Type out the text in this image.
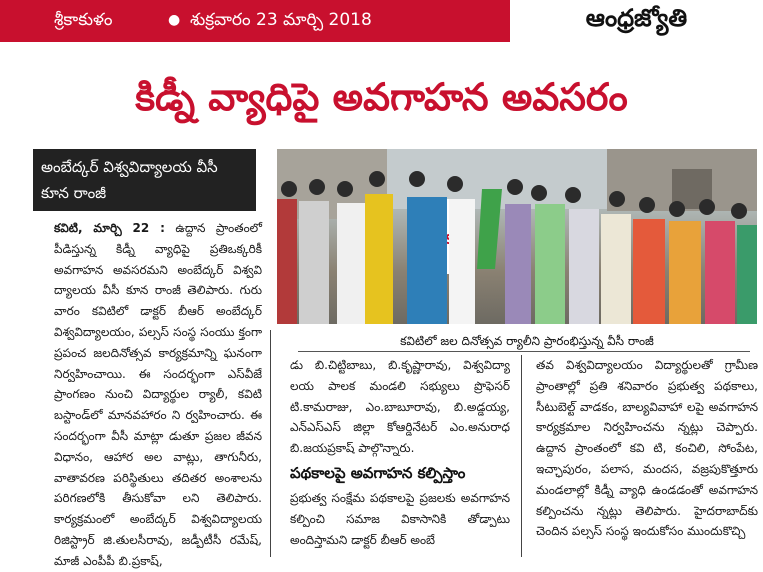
శ్రీకాకుళం	● శుక్రవారం 23 మార్చి 2018	ఆంధ్రజ్యోతి
కిడ్నీ వ్యాధిపై అవగాహన అవసరం
అంబేద్కర్ విశ్వవిద్యాలయ వీసీ కూన రాంజీ

కవిటి, మార్చి 22 : ఉద్దాన ప్రాంతంలో పీడిస్తున్న కిడ్నీ వ్యాధిపై ప్రతిఒక్కరికీ అవగాహన అవసరమని అంబేద్కర్ విశ్వవి ద్యాలయ వీసీ కూన రాంజీ తెలిపారు. గురు వారం కవిటిలో డాక్టర్ బీఆర్ అంబేద్కర్ విశ్వవిద్యాలయం, పల్సస్ సంస్థ సంయు క్తంగా ప్రపంచ జలదినోత్సవ కార్యక్రమాన్ని ఘనంగా నిర్వహించాయి. ఈ సందర్భంగా ఎస్‌వీజే ప్రాంగణం నుంచి విద్యార్థుల ర్యాలీ, కవిటి బస్టాండ్‌లో మానవహారం ని ర్వహించారు. ఈ సందర్భంగా వీసీ మాట్లా డుతూ ప్రజల జీవన విధానం, ఆహార అల వాట్లు, తాగునీరు, వాతావరణ పరిస్థితులు తదితర అంశాలను పరిగణలోకి తీసుకోవా లని తెలిపారు. కార్యక్రమంలో అంబేద్కర్ విశ్వవిద్యాలయ రిజిస్ట్రార్ జి.తులసీరావు, జడ్పీటీసీ రమేష్, మాజీ ఎంపీపీ బి.ప్రకాష్,

కవిటిలో జల దినోత్సవ ర్యాలీని ప్రారంభిస్తున్న వీసీ రాంజీ

డు బి.చిట్టిబాబు, బి.కృష్ణారావు, విశ్వవిద్యా లయ పాలక మండలి సభ్యులు ప్రొఫెసర్ టి.కామరాజు, ఎం.బాబూరావు, బి.అడ్డయ్య, ఎన్‌ఎస్‌ఎస్ జిల్లా కోఆర్డినేటర్ ఎం.అనురాధ బి.జయప్రకాష్ పాల్గొన్నారు.

పథకాలపై అవగాహన కల్పిస్తాం

ప్రభుత్వ సంక్షేమ పథకాలపై ప్రజలకు అవగాహన కల్పించి సమాజ వికాసానికి తోడ్పాటు అందిస్తామని డాక్టర్ బీఆర్ అంబే

తవ విశ్వవిద్యాలయం విద్యార్థులతో గ్రామీణ ప్రాంతాల్లో ప్రతి శనివారం ప్రభుత్వ పథకాలు, సీటుబెల్ట్ వాడకం, బాల్యవివాహా లపై అవగాహన కార్యక్రమాల నిర్వహించను న్నట్లు చెప్పారు. ఉద్దాన ప్రాంతంలో కవి టి, కంచిలి, సోంపేట, ఇచ్ఛాపురం, పలాస, మందస, వజ్రపుకొత్తూరు మండలాల్లో కిడ్నీ వ్యాధి ఉండడంతో అవగాహన కల్పించను న్నట్లు తెలిపారు. హైదరాబాద్‌కు చెందిన పల్సస్ సంస్థ ఇందుకోసం ముందుకొచ్చి
